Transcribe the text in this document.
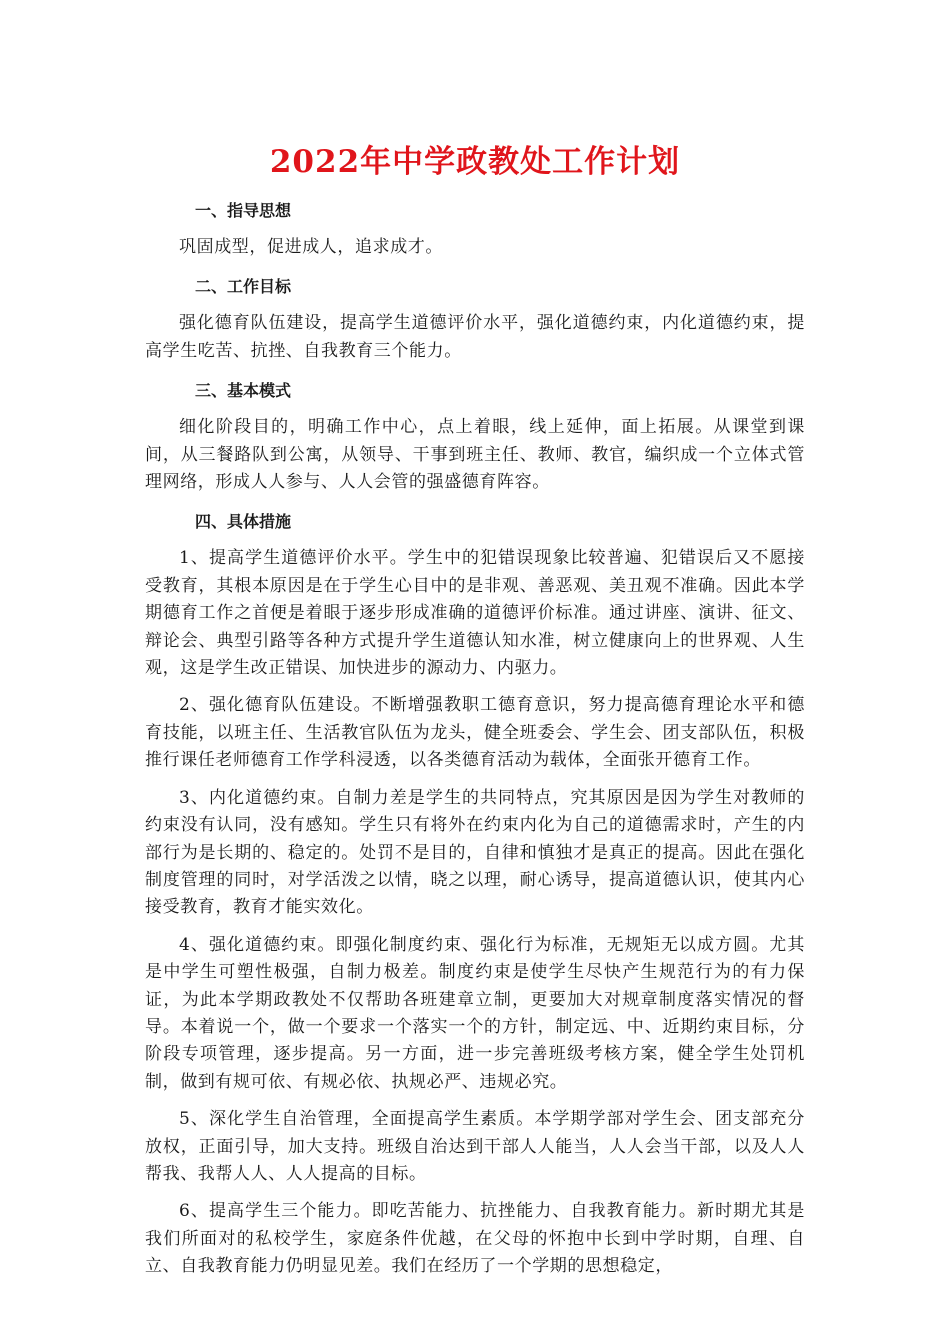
2022年中学政教处工作计划
一、指导思想

巩固成型，促进成人，追求成才。

二、工作目标

强化德育队伍建设，提高学生道德评价水平，强化道德约束，内化道德约束，提高学生吃苦、抗挫、自我教育三个能力。

三、基本模式

细化阶段目的，明确工作中心，点上着眼，线上延伸，面上拓展。从课堂到课间，从三餐路队到公寓，从领导、干事到班主任、教师、教官，编织成一个立体式管理网络，形成人人参与、人人会管的强盛德育阵容。

四、具体措施

1、提高学生道德评价水平。学生中的犯错误现象比较普遍、犯错误后又不愿接受教育，其根本原因是在于学生心目中的是非观、善恶观、美丑观不准确。因此本学期德育工作之首便是着眼于逐步形成准确的道德评价标准。通过讲座、演讲、征文、辩论会、典型引路等各种方式提升学生道德认知水准，树立健康向上的世界观、人生观，这是学生改正错误、加快进步的源动力、内驱力。

2、强化德育队伍建设。不断增强教职工德育意识，努力提高德育理论水平和德育技能，以班主任、生活教官队伍为龙头，健全班委会、学生会、团支部队伍，积极推行课任老师德育工作学科浸透，以各类德育活动为载体，全面张开德育工作。

3、内化道德约束。自制力差是学生的共同特点，究其原因是因为学生对教师的约束没有认同，没有感知。学生只有将外在约束内化为自己的道德需求时，产生的内部行为是长期的、稳定的。处罚不是目的，自律和慎独才是真正的提高。因此在强化制度管理的同时，对学活泼之以情，晓之以理，耐心诱导，提高道德认识，使其内心接受教育，教育才能实效化。

4、强化道德约束。即强化制度约束、强化行为标准，无规矩无以成方圆。尤其是中学生可塑性极强，自制力极差。制度约束是使学生尽快产生规范行为的有力保证，为此本学期政教处不仅帮助各班建章立制，更要加大对规章制度落实情况的督导。本着说一个，做一个要求一个落实一个的方针，制定远、中、近期约束目标，分阶段专项管理，逐步提高。另一方面，进一步完善班级考核方案，健全学生处罚机制，做到有规可依、有规必依、执规必严、违规必究。

5、深化学生自治管理，全面提高学生素质。本学期学部对学生会、团支部充分放权，正面引导，加大支持。班级自治达到干部人人能当，人人会当干部，以及人人帮我、我帮人人、人人提高的目标。

6、提高学生三个能力。即吃苦能力、抗挫能力、自我教育能力。新时期尤其是我们所面对的私校学生，家庭条件优越，在父母的怀抱中长到中学时期，自理、自立、自我教育能力仍明显见差。我们在经历了一个学期的思想稳定，
